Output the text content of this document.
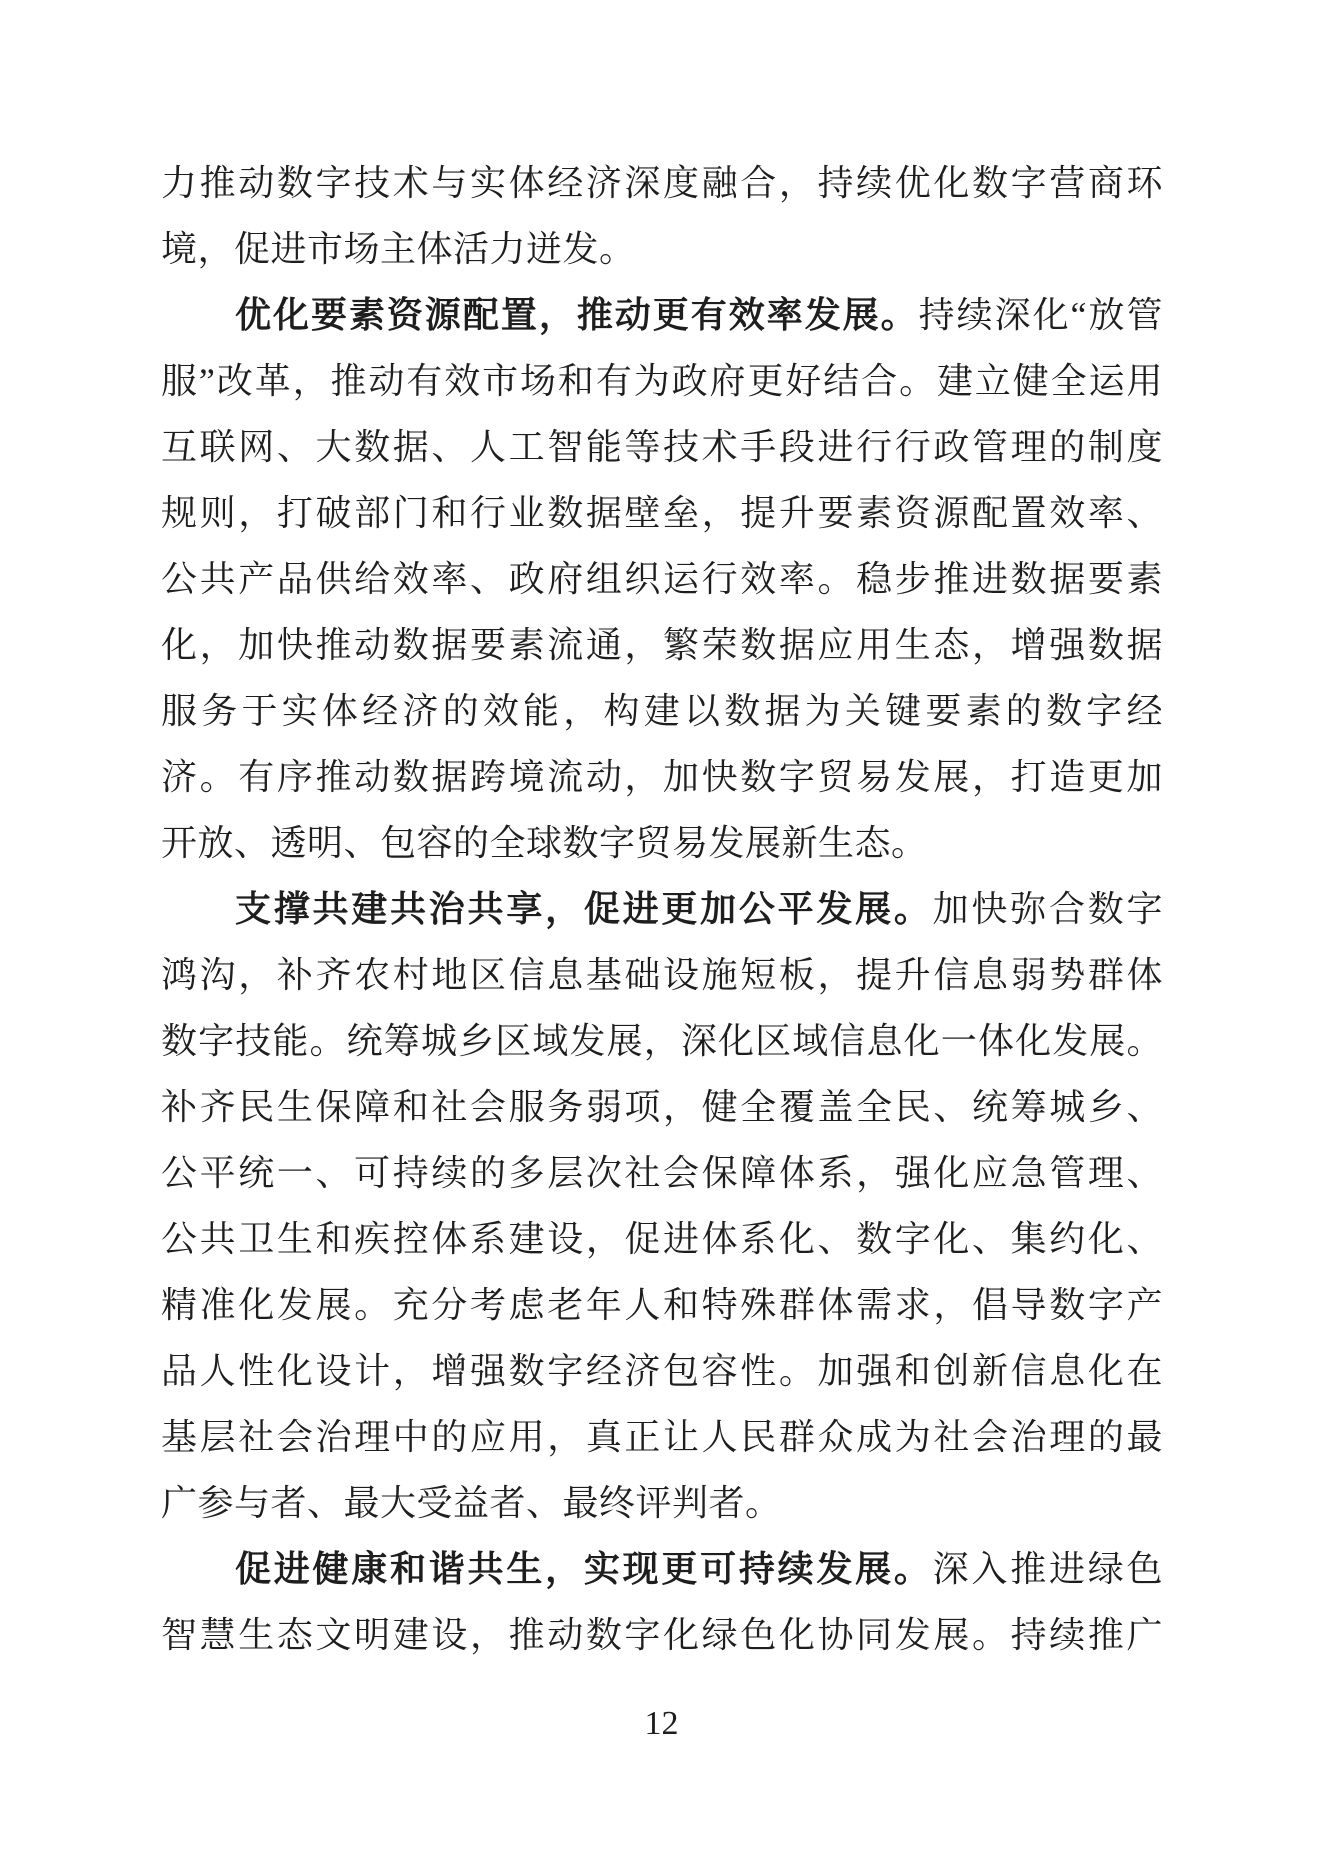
力推动数字技术与实体经济深度融合，持续优化数字营商环
境，促进市场主体活力迸发。
优化要素资源配置，推动更有效率发展。持续深化“放管
服”改革，推动有效市场和有为政府更好结合。建立健全运用
互联网、大数据、人工智能等技术手段进行行政管理的制度
规则，打破部门和行业数据壁垒，提升要素资源配置效率、
公共产品供给效率、政府组织运行效率。稳步推进数据要素
化，加快推动数据要素流通，繁荣数据应用生态，增强数据
服务于实体经济的效能，构建以数据为关键要素的数字经
济。有序推动数据跨境流动，加快数字贸易发展，打造更加
开放、透明、包容的全球数字贸易发展新生态。
支撑共建共治共享，促进更加公平发展。加快弥合数字
鸿沟，补齐农村地区信息基础设施短板，提升信息弱势群体
数字技能。统筹城乡区域发展，深化区域信息化一体化发展。
补齐民生保障和社会服务弱项，健全覆盖全民、统筹城乡、
公平统一、可持续的多层次社会保障体系，强化应急管理、
公共卫生和疾控体系建设，促进体系化、数字化、集约化、
精准化发展。充分考虑老年人和特殊群体需求，倡导数字产
品人性化设计，增强数字经济包容性。加强和创新信息化在
基层社会治理中的应用，真正让人民群众成为社会治理的最
广参与者、最大受益者、最终评判者。
促进健康和谐共生，实现更可持续发展。深入推进绿色
智慧生态文明建设，推动数字化绿色化协同发展。持续推广
12
